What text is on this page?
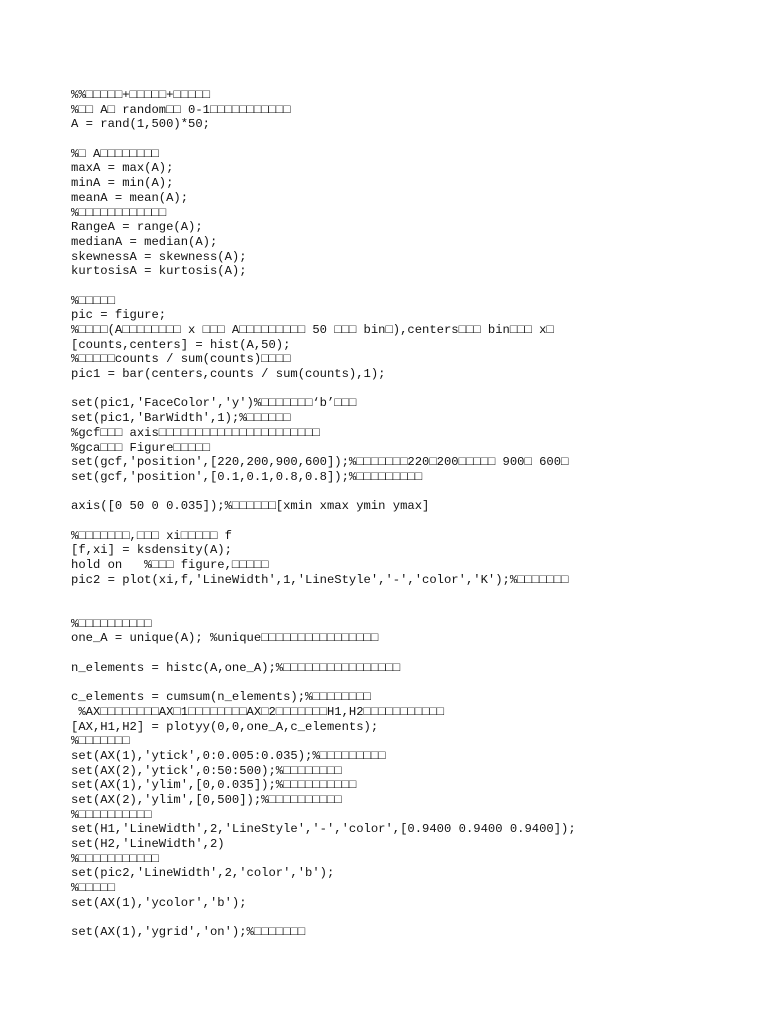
%%□□□□□+□□□□□+□□□□□
%□□ A□ random□□ 0-1□□□□□□□□□□□
A = rand(1,500)*50;
%□ A□□□□□□□□
maxA = max(A);
minA = min(A);
meanA = mean(A);
%□□□□□□□□□□□□
RangeA = range(A);
medianA = median(A);
skewnessA = skewness(A);
kurtosisA = kurtosis(A);
%□□□□□
pic = figure;
%□□□□(A□□□□□□□□ x □□□ A□□□□□□□□□ 50 □□□ bin□),centers□□□ bin□□□ x□
[counts,centers] = hist(A,50);
%□□□□□counts / sum(counts)□□□□
pic1 = bar(centers,counts / sum(counts),1);
set(pic1,'FaceColor','y')%□□□□□□□‘b’□□□
set(pic1,'BarWidth',1);%□□□□□□
%gcf□□□ axis□□□□□□□□□□□□□□□□□□□□□□
%gca□□□ Figure□□□□□
set(gcf,'position',[220,200,900,600]);%□□□□□□□220□200□□□□□ 900□ 600□
set(gcf,'position',[0.1,0.1,0.8,0.8]);%□□□□□□□□□
axis([0 50 0 0.035]);%□□□□□□[xmin xmax ymin ymax]
%□□□□□□□,□□□ xi□□□□□ f
[f,xi] = ksdensity(A);
hold on   %□□□ figure,□□□□□
pic2 = plot(xi,f,'LineWidth',1,'LineStyle','-','color','K');%□□□□□□□
%□□□□□□□□□□
one_A = unique(A); %unique□□□□□□□□□□□□□□□□
n_elements = histc(A,one_A);%□□□□□□□□□□□□□□□□
c_elements = cumsum(n_elements);%□□□□□□□□
%AX□□□□□□□□AX□1□□□□□□□□AX□2□□□□□□□H1,H2□□□□□□□□□□□
[AX,H1,H2] = plotyy(0,0,one_A,c_elements);
%□□□□□□□
set(AX(1),'ytick',0:0.005:0.035);%□□□□□□□□□
set(AX(2),'ytick',0:50:500);%□□□□□□□□
set(AX(1),'ylim',[0,0.035]);%□□□□□□□□□□
set(AX(2),'ylim',[0,500]);%□□□□□□□□□□
%□□□□□□□□□□
set(H1,'LineWidth',2,'LineStyle','-','color',[0.9400 0.9400 0.9400]);
set(H2,'LineWidth',2)
%□□□□□□□□□□□
set(pic2,'LineWidth',2,'color','b');
%□□□□□
set(AX(1),'ycolor','b');
set(AX(1),'ygrid','on');%□□□□□□□
